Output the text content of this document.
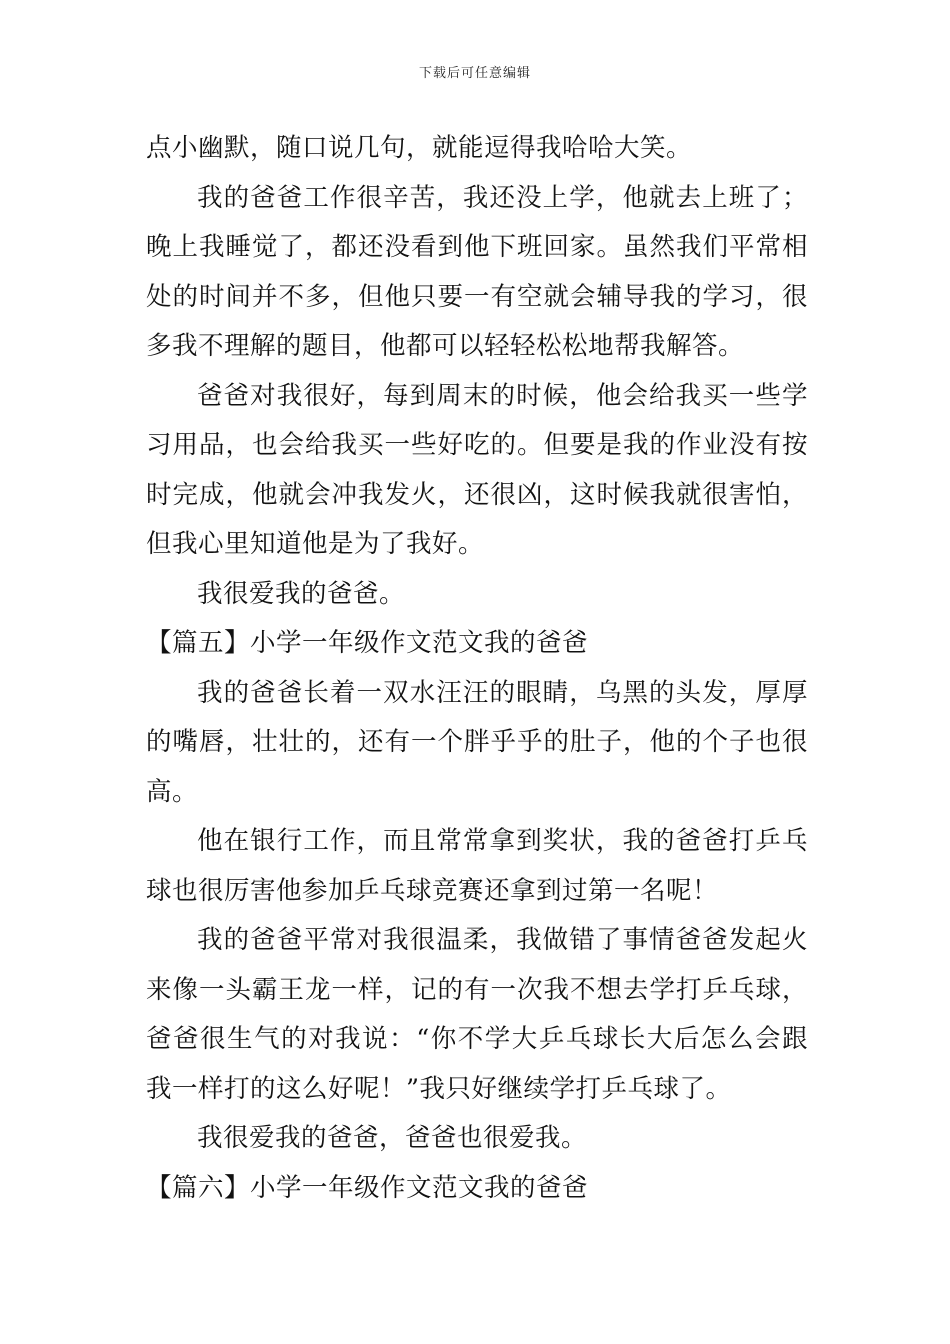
下载后可任意编辑

点小幽默，随口说几句，就能逗得我哈哈大笑。

我的爸爸工作很辛苦，我还没上学，他就去上班了；晚上我睡觉了，都还没看到他下班回家。虽然我们平常相处的时间并不多，但他只要一有空就会辅导我的学习，很多我不理解的题目，他都可以轻轻松松地帮我解答。

爸爸对我很好，每到周末的时候，他会给我买一些学习用品，也会给我买一些好吃的。但要是我的作业没有按时完成，他就会冲我发火，还很凶，这时候我就很害怕，但我心里知道他是为了我好。

我很爱我的爸爸。

【篇五】小学一年级作文范文我的爸爸

我的爸爸长着一双水汪汪的眼睛，乌黑的头发，厚厚的嘴唇，壮壮的，还有一个胖乎乎的肚子，他的个子也很高。

他在银行工作，而且常常拿到奖状，我的爸爸打乒乓球也很厉害他参加乒乓球竞赛还拿到过第一名呢！

我的爸爸平常对我很温柔，我做错了事情爸爸发起火来像一头霸王龙一样，记的有一次我不想去学打乒乓球，爸爸很生气的对我说：“你不学大乒乓球长大后怎么会跟我一样打的这么好呢！”我只好继续学打乒乓球了。

我很爱我的爸爸，爸爸也很爱我。

【篇六】小学一年级作文范文我的爸爸
